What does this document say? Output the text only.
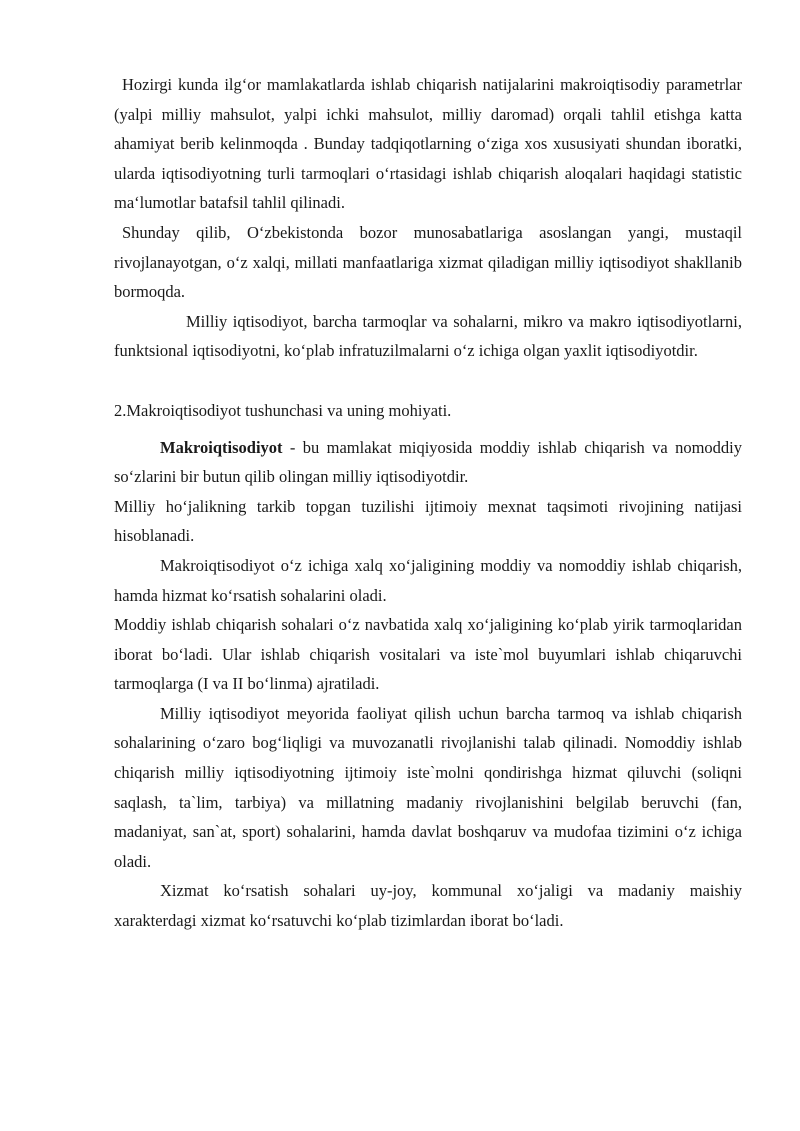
Hozirgi kunda ilg‘or mamlakatlarda ishlab chiqarish natijalarini makroiqtisodiy parametrlar (yalpi milliy mahsulot, yalpi ichki mahsulot, milliy daromad) orqali tahlil etishga katta ahamiyat berib kelinmoqda . Bunday tadqiqotlarning o‘ziga xos xususiyati shundan iboratki, ularda iqtisodiyotning turli tarmoqlari o‘rtasidagi ishlab chiqarish aloqalari haqidagi statistic ma‘lumotlar batafsil tahlil qilinadi.

Shunday qilib, O‘zbekistonda bozor munosabatlariga asoslangan yangi, mustaqil rivojlanayotgan, o‘z xalqi, millati manfaatlariga xizmat qiladigan milliy iqtisodiyot shakllanib bormoqda.

Milliy iqtisodiyot, barcha tarmoqlar va sohalarni, mikro va makro iqtisodiyotlarni, funktsional iqtisodiyotni, ko‘plab infratuzilmalarni o‘z ichiga olgan yaxlit iqtisodiyotdir.

2.Makroiqtisodiyot tushunchasi va uning mohiyati.

Makroiqtisodiyot - bu mamlakat miqiyosida moddiy ishlab chiqarish va nomoddiy so‘zlarini bir butun qilib olingan milliy iqtisodiyotdir.

Milliy ho‘jalikning tarkib topgan tuzilishi ijtimoiy mexnat taqsimoti rivojining natijasi hisoblanadi.

Makroiqtisodiyot o‘z ichiga xalq xo‘jaligining moddiy va nomoddiy ishlab chiqarish, hamda hizmat ko‘rsatish sohalarini oladi.

Moddiy ishlab chiqarish sohalari o‘z navbatida xalq xo‘jaligining ko‘plab yirik tarmoqlaridan iborat bo‘ladi. Ular ishlab chiqarish vositalari va iste`mol buyumlari ishlab chiqaruvchi tarmoqlarga (I va II bo‘linma) ajratiladi.

Milliy iqtisodiyot meyorida faoliyat qilish uchun barcha tarmoq va ishlab chiqarish sohalarining o‘zaro bog‘liqligi va muvozanatli rivojlanishi talab qilinadi. Nomoddiy ishlab chiqarish milliy iqtisodiyotning ijtimoiy iste`molni qondirishga hizmat qiluvchi (soliqni saqlash, ta`lim, tarbiya) va millatning madaniy rivojlanishini belgilab beruvchi (fan, madaniyat, san`at, sport) sohalarini, hamda davlat boshqaruv va mudofaa tizimini o‘z ichiga oladi.

Xizmat ko‘rsatish sohalari uy-joy, kommunal xo‘jaligi va madaniy maishiy xarakterdagi xizmat ko‘rsatuvchi ko‘plab tizimlardan iborat bo‘ladi.
